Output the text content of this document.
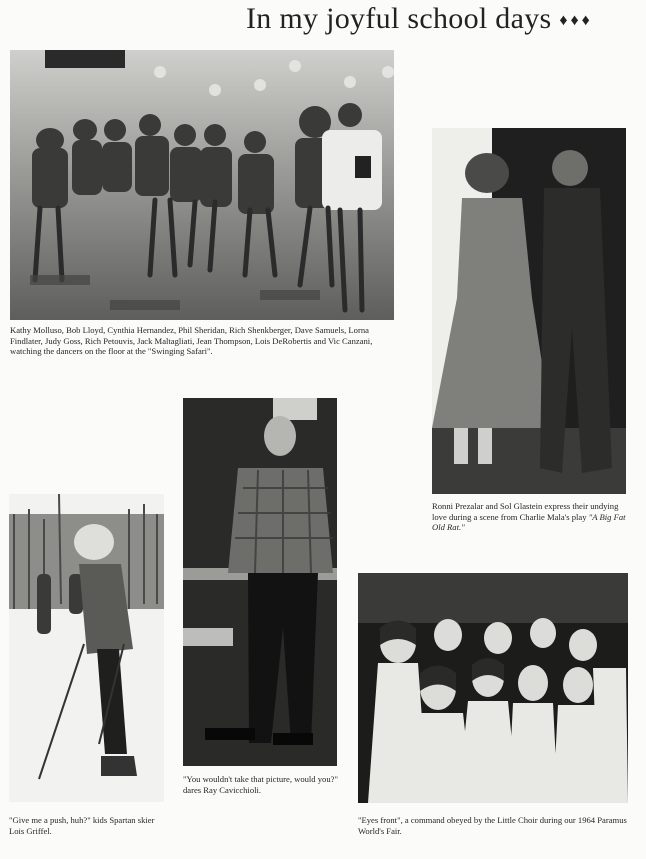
In my joyful school days ♦♦♦
Kathy Molluso, Bob Lloyd, Cynthia Hernandez, Phil Sheridan, Rich Shenkberger, Dave Samuels, Lorna Findlater, Judy Goss, Rich Petouvis, Jack Maltagliati, Jean Thompson, Lois DeRobertis and Vic Canzani, watching the dancers on the floor at the "Swinging Safari".
Ronni Prezalar and Sol Glastein express their undying love during a scene from Charlie Mala's play "A Big Fat Old Rat."
"Give me a push, huh?" kids Spartan skier Lois Griffel.
"You wouldn't take that picture, would you?" dares Ray Cavicchioli.
"Eyes front", a command obeyed by the Little Choir during our 1964 Paramus World's Fair.
